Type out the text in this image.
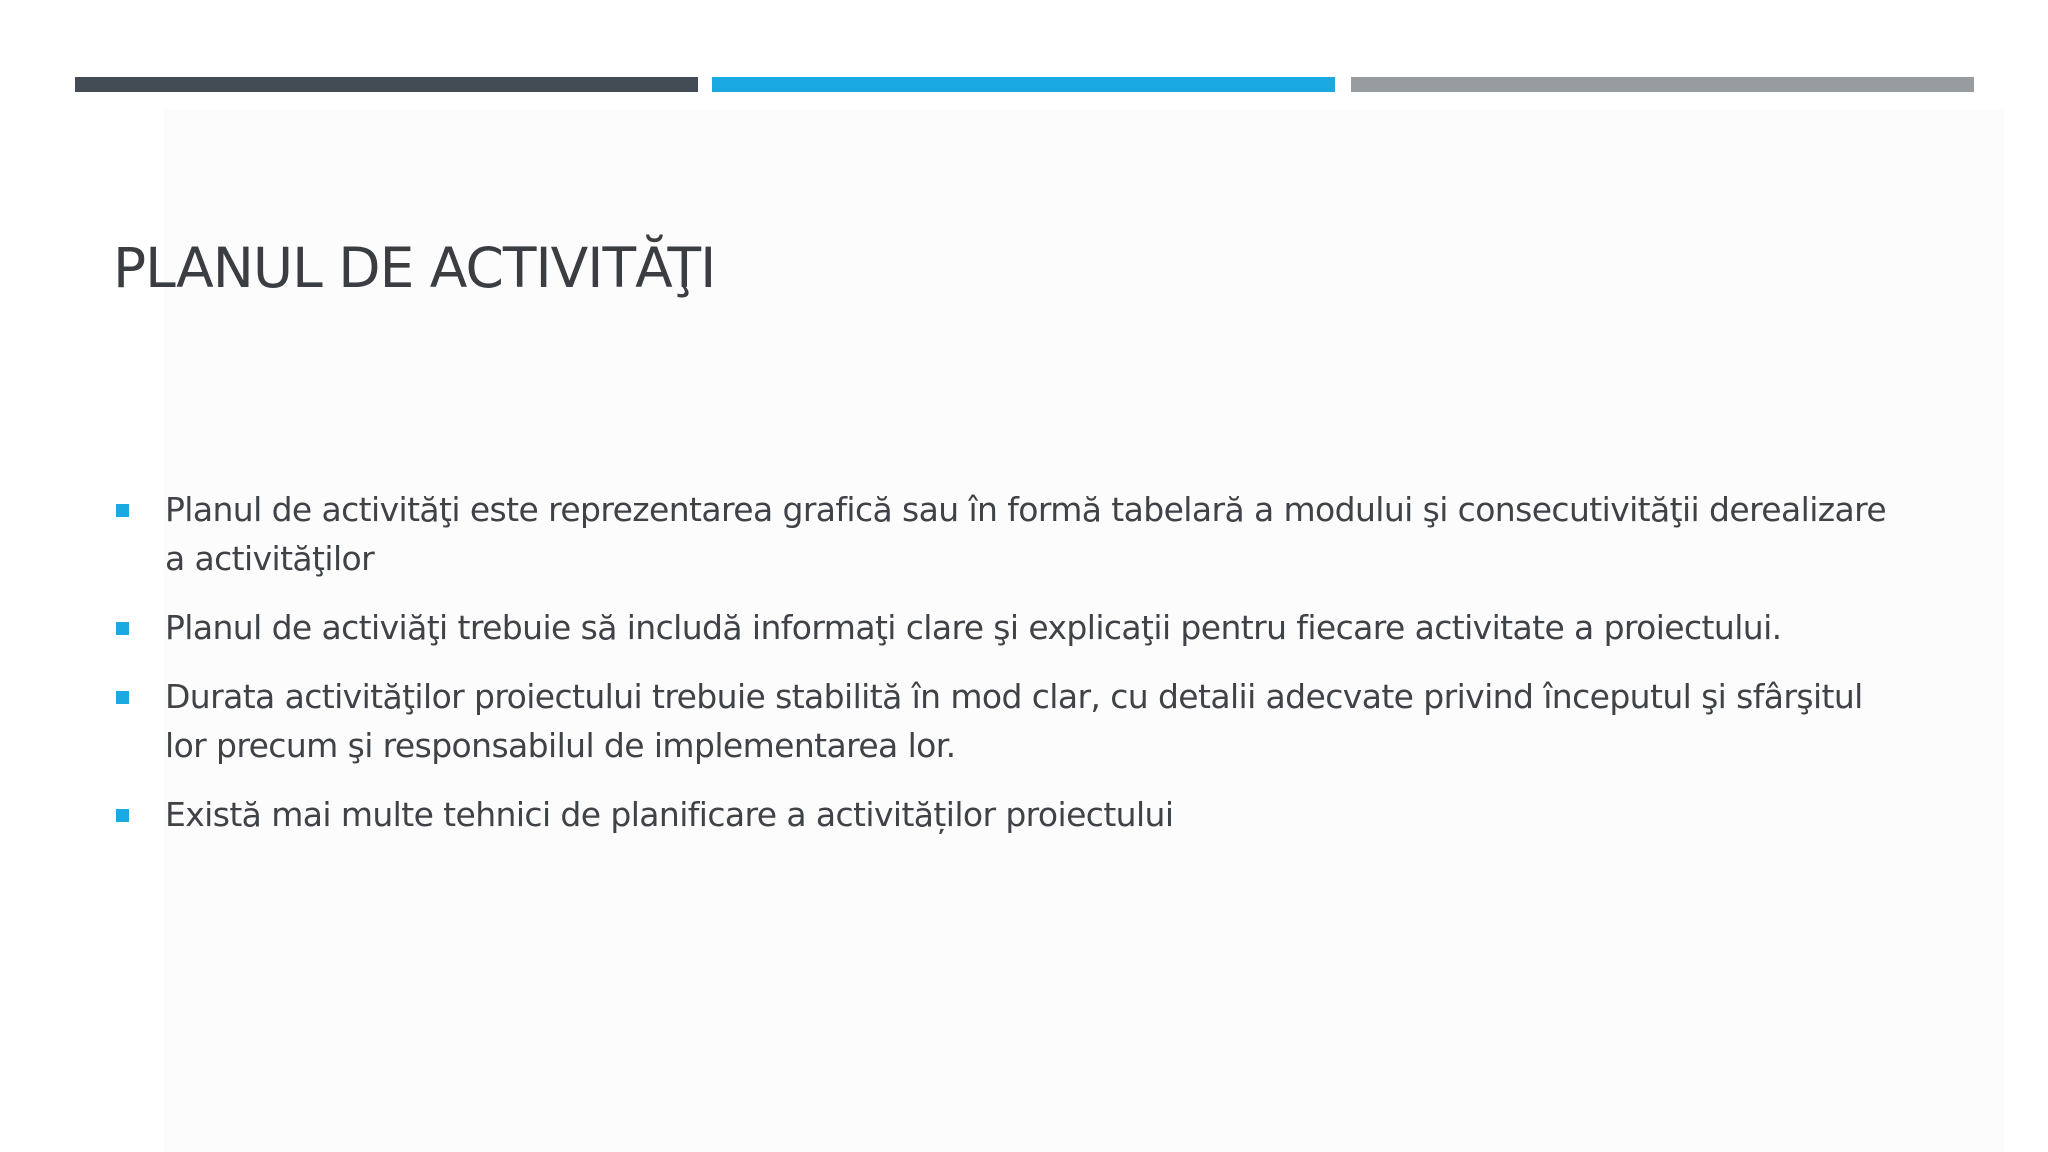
PLANUL DE ACTIVITĂŢI
Planul de activităţi este reprezentarea grafică sau în formă tabelară a modului şi consecutivităţii derealizare a activităţilor
Planul de activiăţi trebuie să includă informaţi clare şi explicaţii pentru fiecare activitate a proiectului.
Durata activităţilor proiectului trebuie stabilită în mod clar, cu detalii adecvate privind începutul şi sfârşitul lor precum şi responsabilul de implementarea lor.
Există mai multe tehnici de planificare a activităților proiectului
